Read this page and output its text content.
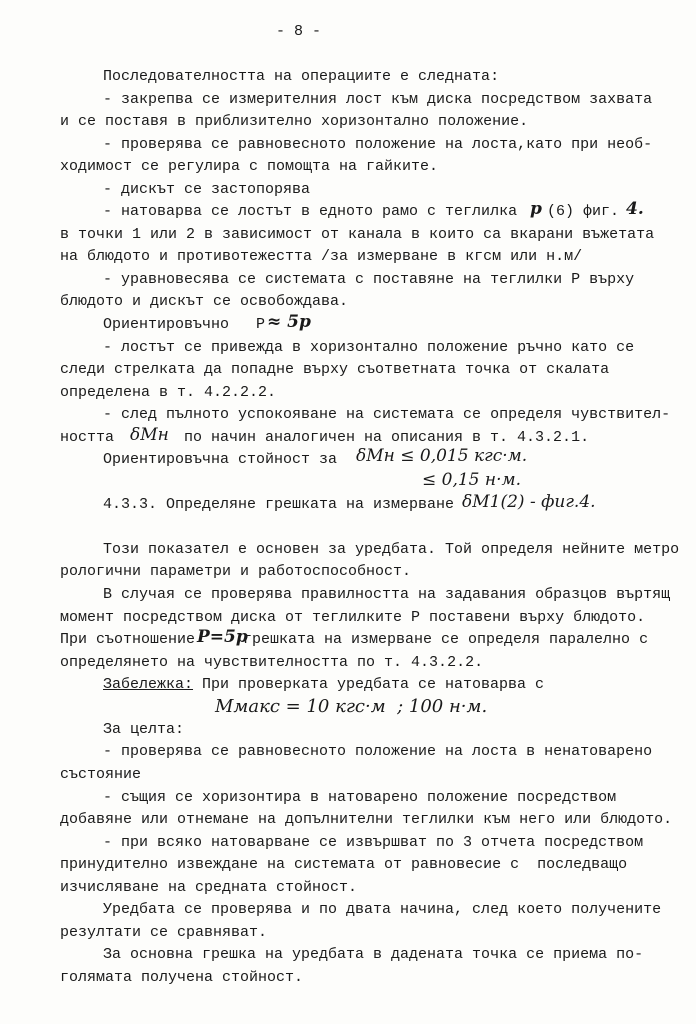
- 8 -
Последователността на операциите е следната:
- закрепва се измерителния лост към диска посредством захвата
и се поставя в приблизително хоризонтално положение.
- проверява се равновесното положение на лоста,като при необ-
ходимост се регулира с помощта на гайките.
- дискът се застопорява
- натоварва се лостът в едното рамо с теглилка р (6) фиг. 4.
в точки 1 или 2 в зависимост от канала в които са вкарани въжетата
на блюдото и противотежестта /за измерване в кгсм или н.м/
- уравновесява се системата с поставяне на теглилки Р върху
блюдото и дискът се освобождава.
Ориентировъчно   Р ≈ 5р
- лостът се привежда в хоризонтално положение ръчно като се
следи стрелката да попадне върху съответната точка от скалата
определена в т. 4.2.2.2.
- след пълното успокояване на системата се определя чувствител-
ността δМн по начин аналогичен на описания в т. 4.3.2.1.
Ориентировъчна стойност за δМн ≤ 0,015 кгс·м.
≤ 0,15 н·м.
4.3.3. Определяне грешката на измерване δМ1(2) - фиг.4.
Този показател е основен за уредбата. Той определя нейните метро
рологични параметри и работоспособност.
В случая се проверява правилността на задавания образцов въртящ
момент посредством диска от теглилките Р поставени върху блюдото.
При съотношение Р=5р
грешката на измерване се определя паралелно с
определянето на чувствителността по т. 4.3.2.2.
Забележка: При проверката уредбата се натоварва с
Ммакс = 10 кгс·м  ; 100 н·м.
За целта:
- проверява се равновесното положение на лоста в ненатоварено
състояние
- същия се хоризонтира в натоварено положение посредством
добавяне или отнемане на допълнителни теглилки към него или блюдото.
- при всяко натоварване се извършват по 3 отчета посредством
принудително извеждане на системата от равновесие с  последващо
изчисляване на средната стойност.
Уредбата се проверява и по двата начина, след което получените
резултати се сравняват.
За основна грешка на уредбата в дадената точка се приема по-
голямата получена стойност.
